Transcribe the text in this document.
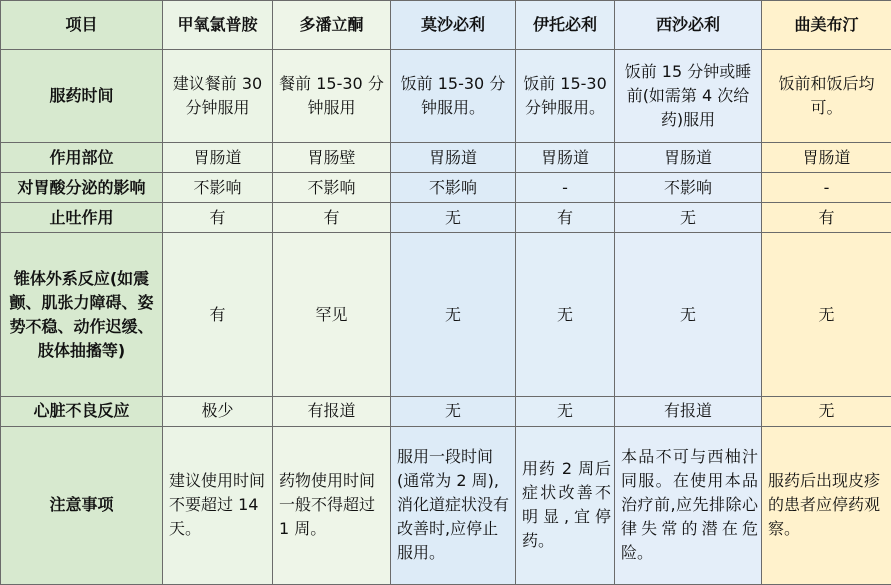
项目	甲氧氯普胺	多潘立酮	莫沙必利	伊托必利	西沙必利	曲美布汀
服药时间	建议餐前 30 分钟服用	餐前 15-30 分钟服用	饭前 15-30 分钟服用。	饭前 15-30 分钟服用。	饭前 15 分钟或睡前(如需第 4 次给药)服用	饭前和饭后均可。
作用部位	胃肠道	胃肠壁	胃肠道	胃肠道	胃肠道	胃肠道
对胃酸分泌的影响	不影响	不影响	不影响	-	不影响	-
止吐作用	有	有	无	有	无	有
锥体外系反应(如震颤、肌张力障碍、姿势不稳、动作迟缓、肢体抽搐等)	有	罕见	无	无	无	无
心脏不良反应	极少	有报道	无	无	有报道	无
注意事项	建议使用时间不要超过 14 天。	药物使用时间一般不得超过 1 周。	服用一段时间(通常为 2 周),消化道症状没有改善时,应停止服用。	用药 2 周后症状改善不明显,宜停药。	本品不可与西柚汁同服。在使用本品治疗前,应先排除心律失常的潜在危险。	服药后出现皮疹的患者应停药观察。
